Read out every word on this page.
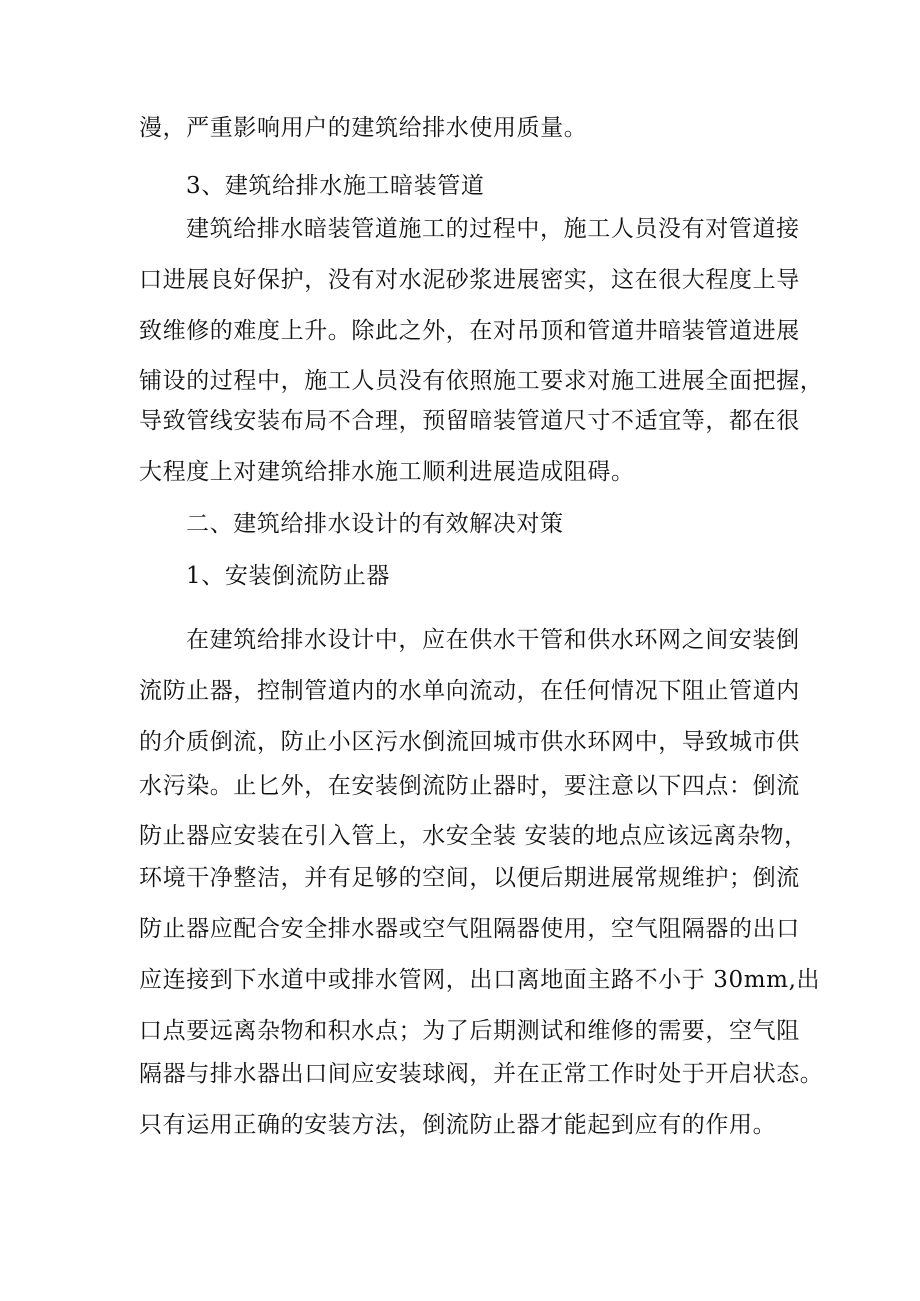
漫，严重影响用户的建筑给排水使用质量。
3、建筑给排水施工暗装管道
建筑给排水暗装管道施工的过程中，施工人员没有对管道接
口进展良好保护，没有对水泥砂浆进展密实，这在很大程度上导
致维修的难度上升。除此之外，在对吊顶和管道井暗装管道进展
铺设的过程中，施工人员没有依照施工要求对施工进展全面把握，
导致管线安装布局不合理，预留暗装管道尺寸不适宜等，都在很
大程度上对建筑给排水施工顺利进展造成阻碍。
二、建筑给排水设计的有效解决对策
1、安装倒流防止器
在建筑给排水设计中，应在供水干管和供水环网之间安装倒
流防止器，控制管道内的水单向流动，在任何情况下阻止管道内
的介质倒流，防止小区污水倒流回城市供水环网中，导致城市供
水污染。止匕外，在安装倒流防止器时，要注意以下四点：倒流
防止器应安装在引入管上，水安全装 安装的地点应该远离杂物，
环境干净整洁，并有足够的空间，以便后期进展常规维护；倒流
防止器应配合安全排水器或空气阻隔器使用，空气阻隔器的出口
应连接到下水道中或排水管网，出口离地面主路不小于 30mm,出
口点要远离杂物和积水点；为了后期测试和维修的需要，空气阻
隔器与排水器出口间应安装球阀，并在正常工作时处于开启状态。
只有运用正确的安装方法，倒流防止器才能起到应有的作用。
